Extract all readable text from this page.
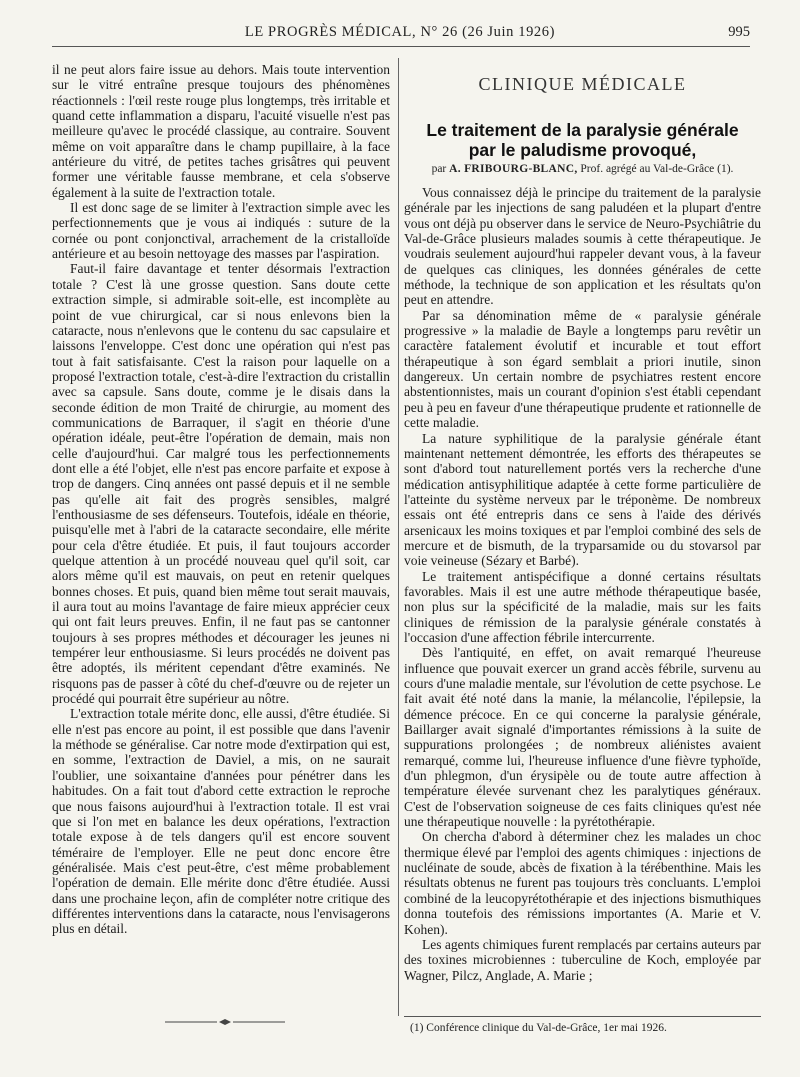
LE PROGRÈS MÉDICAL, N° 26 (26 Juin 1926)	995

il ne peut alors faire issue au dehors. Mais toute intervention sur le vitré entraîne presque toujours des phénomènes réactionnels : l'œil reste rouge plus longtemps, très irritable et quand cette inflammation a disparu, l'acuité visuelle n'est pas meilleure qu'avec le procédé classique, au contraire. Souvent même on voit apparaître dans le champ pupillaire, à la face antérieure du vitré, de petites taches grisâtres qui peuvent former une véritable fausse membrane, et cela s'observe également à la suite de l'extraction totale.

Il est donc sage de se limiter à l'extraction simple avec les perfectionnements que je vous ai indiqués : suture de la cornée ou pont conjonctival, arrachement de la cristalloïde antérieure et au besoin nettoyage des masses par l'aspiration.

Faut-il faire davantage et tenter désormais l'extraction totale ? C'est là une grosse question. Sans doute cette extraction simple, si admirable soit-elle, est incomplète au point de vue chirurgical, car si nous enlevons bien la cataracte, nous n'enlevons que le contenu du sac capsulaire et laissons l'enveloppe. C'est donc une opération qui n'est pas tout à fait satisfaisante. C'est la raison pour laquelle on a proposé l'extraction totale, c'est-à-dire l'extraction du cristallin avec sa capsule. Sans doute, comme je le disais dans la seconde édition de mon Traité de chirurgie, au moment des communications de Barraquer, il s'agit en théorie d'une opération idéale, peut-être l'opération de demain, mais non celle d'aujourd'hui. Car malgré tous les perfectionnements dont elle a été l'objet, elle n'est pas encore parfaite et expose à trop de dangers. Cinq années ont passé depuis et il ne semble pas qu'elle ait fait des progrès sensibles, malgré l'enthousiasme de ses défenseurs. Toutefois, idéale en théorie, puisqu'elle met à l'abri de la cataracte secondaire, elle mérite pour cela d'être étudiée. Et puis, il faut toujours accorder quelque attention à un procédé nouveau quel qu'il soit, car alors même qu'il est mauvais, on peut en retenir quelques bonnes choses. Et puis, quand bien même tout serait mauvais, il aura tout au moins l'avantage de faire mieux apprécier ceux qui ont fait leurs preuves. Enfin, il ne faut pas se cantonner toujours à ses propres méthodes et décourager les jeunes ni tempérer leur enthousiasme. Si leurs procédés ne doivent pas être adoptés, ils méritent cependant d'être examinés. Ne risquons pas de passer à côté du chef-d'œuvre ou de rejeter un procédé qui pourrait être supérieur au nôtre.

L'extraction totale mérite donc, elle aussi, d'être étudiée. Si elle n'est pas encore au point, il est possible que dans l'avenir la méthode se généralise. Car notre mode d'extirpation qui est, en somme, l'extraction de Daviel, a mis, on ne saurait l'oublier, une soixantaine d'années pour pénétrer dans les habitudes. On a fait tout d'abord cette extraction le reproche que nous faisons aujourd'hui à l'extraction totale. Il est vrai que si l'on met en balance les deux opérations, l'extraction totale expose à de tels dangers qu'il est encore souvent téméraire de l'employer. Elle ne peut donc encore être généralisée. Mais c'est peut-être, c'est même probablement l'opération de demain. Elle mérite donc d'être étudiée. Aussi dans une prochaine leçon, afin de compléter notre critique des différentes interventions dans la cataracte, nous l'envisagerons plus en détail.

CLINIQUE MÉDICALE
Le traitement de la paralysie générale
par le paludisme provoqué,
par A. FRIBOURG-BLANC, Prof. agrégé au Val-de-Grâce (1).

Vous connaissez déjà le principe du traitement de la paralysie générale par les injections de sang paludéen et la plupart d'entre vous ont déjà pu observer dans le service de Neuro-Psychiâtrie du Val-de-Grâce plusieurs malades soumis à cette thérapeutique. Je voudrais seulement aujourd'hui rappeler devant vous, à la faveur de quelques cas cliniques, les données générales de cette méthode, la technique de son application et les résultats qu'on peut en attendre.

Par sa dénomination même de « paralysie générale progressive » la maladie de Bayle a longtemps paru revêtir un caractère fatalement évolutif et incurable et tout effort thérapeutique à son égard semblait a priori inutile, sinon dangereux. Un certain nombre de psychiatres restent encore abstentionnistes, mais un courant d'opinion s'est établi cependant peu à peu en faveur d'une thérapeutique prudente et rationnelle de cette maladie.

La nature syphilitique de la paralysie générale étant maintenant nettement démontrée, les efforts des thérapeutes se sont d'abord tout naturellement portés vers la recherche d'une médication antisyphilitique adaptée à cette forme particulière de l'atteinte du système nerveux par le tréponème. De nombreux essais ont été entrepris dans ce sens à l'aide des dérivés arsenicaux les moins toxiques et par l'emploi combiné des sels de mercure et de bismuth, de la tryparsamide ou du stovarsol par voie veineuse (Sézary et Barbé).

Le traitement antispécifique a donné certains résultats favorables. Mais il est une autre méthode thérapeutique basée, non plus sur la spécificité de la maladie, mais sur les faits cliniques de rémission de la paralysie générale constatés à l'occasion d'une affection fébrile intercurrente.

Dès l'antiquité, en effet, on avait remarqué l'heureuse influence que pouvait exercer un grand accès fébrile, survenu au cours d'une maladie mentale, sur l'évolution de cette psychose. Le fait avait été noté dans la manie, la mélancolie, l'épilepsie, la démence précoce. En ce qui concerne la paralysie générale, Baillarger avait signalé d'importantes rémissions à la suite de suppurations prolongées ; de nombreux aliénistes avaient remarqué, comme lui, l'heureuse influence d'une fièvre typhoïde, d'un phlegmon, d'un érysipèle ou de toute autre affection à température élevée survenant chez les paralytiques généraux. C'est de l'observation soigneuse de ces faits cliniques qu'est née une thérapeutique nouvelle : la pyrétothérapie.

On chercha d'abord à déterminer chez les malades un choc thermique élevé par l'emploi des agents chimiques : injections de nucléinate de soude, abcès de fixation à la térébenthine. Mais les résultats obtenus ne furent pas toujours très concluants. L'emploi combiné de la leucopyrétothérapie et des injections bismuthiques donna toutefois des rémissions importantes (A. Marie et V. Kohen).

Les agents chimiques furent remplacés par certains auteurs par des toxines microbiennes : tuberculine de Koch, employée par Wagner, Pilcz, Anglade, A. Marie ;

(1) Conférence clinique du Val-de-Grâce, 1er mai 1926.
